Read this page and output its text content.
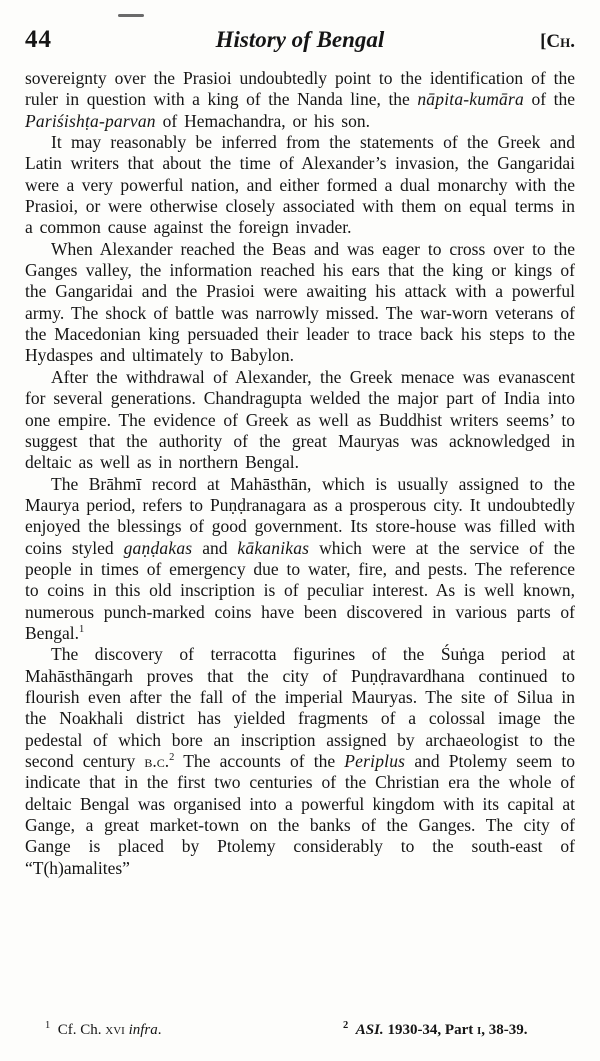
44	History of Bengal	[Ch.

sovereignty over the Prasioi undoubtedly point to the identification of the ruler in question with a king of the Nanda line, the nāpita-kumāra of the Pariśishṭa-parvan of Hemachandra, or his son.

It may reasonably be inferred from the statements of the Greek and Latin writers that about the time of Alexander’s invasion, the Gangaridai were a very powerful nation, and either formed a dual monarchy with the Prasioi, or were otherwise closely associated with them on equal terms in a common cause against the foreign invader.

When Alexander reached the Beas and was eager to cross over to the Ganges valley, the information reached his ears that the king or kings of the Gangaridai and the Prasioi were awaiting his attack with a powerful army. The shock of battle was narrowly missed. The war-worn veterans of the Macedonian king persuaded their leader to trace back his steps to the Hydaspes and ultimately to Babylon.

After the withdrawal of Alexander, the Greek menace was evanascent for several generations. Chandragupta welded the major part of India into one empire. The evidence of Greek as well as Buddhist writers seems’ to suggest that the authority of the great Mauryas was acknowledged in deltaic as well as in northern Bengal.

The Brāhmī record at Mahāsthān, which is usually assigned to the Maurya period, refers to Puṇḍranagara as a prosperous city. It undoubtedly enjoyed the blessings of good government. Its store-house was filled with coins styled gaṇḍakas and kākanikas which were at the service of the people in times of emergency due to water, fire, and pests. The reference to coins in this old inscription is of peculiar interest. As is well known, numerous punch-marked coins have been discovered in various parts of Bengal.$^1$

The discovery of terracotta figurines of the Śuṅga period at Mahāsthāngarh proves that the city of Puṇḍravardhana continued to flourish even after the fall of the imperial Mauryas. The site of Silua in the Noakhali district has yielded fragments of a colossal image the pedestal of which bore an inscription assigned by archaeologist to the second century b.c.$^2$ The accounts of the Periplus and Ptolemy seem to indicate that in the first two centuries of the Christian era the whole of deltaic Bengal was organised into a powerful kingdom with its capital at Gange, a great market-town on the banks of the Ganges. The city of Gange is placed by Ptolemy considerably to the south-east of “T(h)amalites”

$^1$  Cf. Ch. xvi infra.	$^2$ ASI. 1930-34, Part i, 38-39.
